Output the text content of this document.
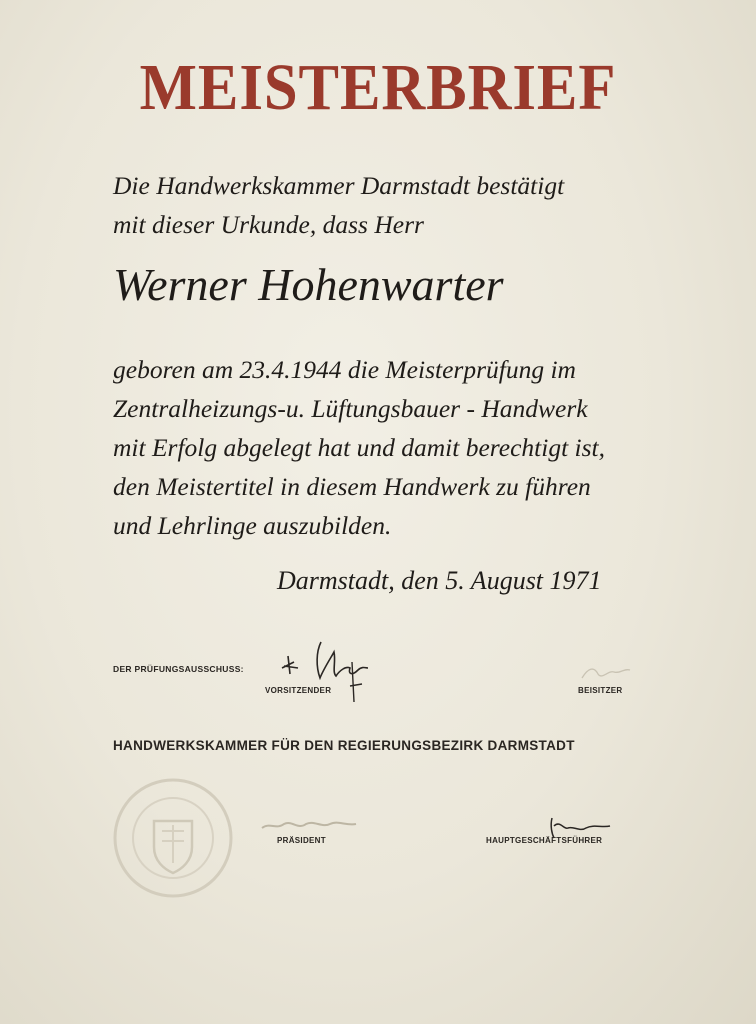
MEISTERBRIEF
Die Handwerkskammer Darmstadt bestätigt
mit dieser Urkunde, dass Herr
Werner Hohenwarter
geboren am 23.4.1944 die Meisterprüfung im
Zentralheizungs-u. Lüftungsbauer - Handwerk
mit Erfolg abgelegt hat und damit berechtigt ist,
den Meistertitel in diesem Handwerk zu führen
und Lehrlinge auszubilden.
Darmstadt, den 5. August 1971
DER PRÜFUNGSAUSSCHUSS:
VORSITZENDER	BEISITZER
HANDWERKSKAMMER FÜR DEN REGIERUNGSBEZIRK DARMSTADT
PRÄSIDENT	HAUPTGESCHÄFTSFÜHRER
